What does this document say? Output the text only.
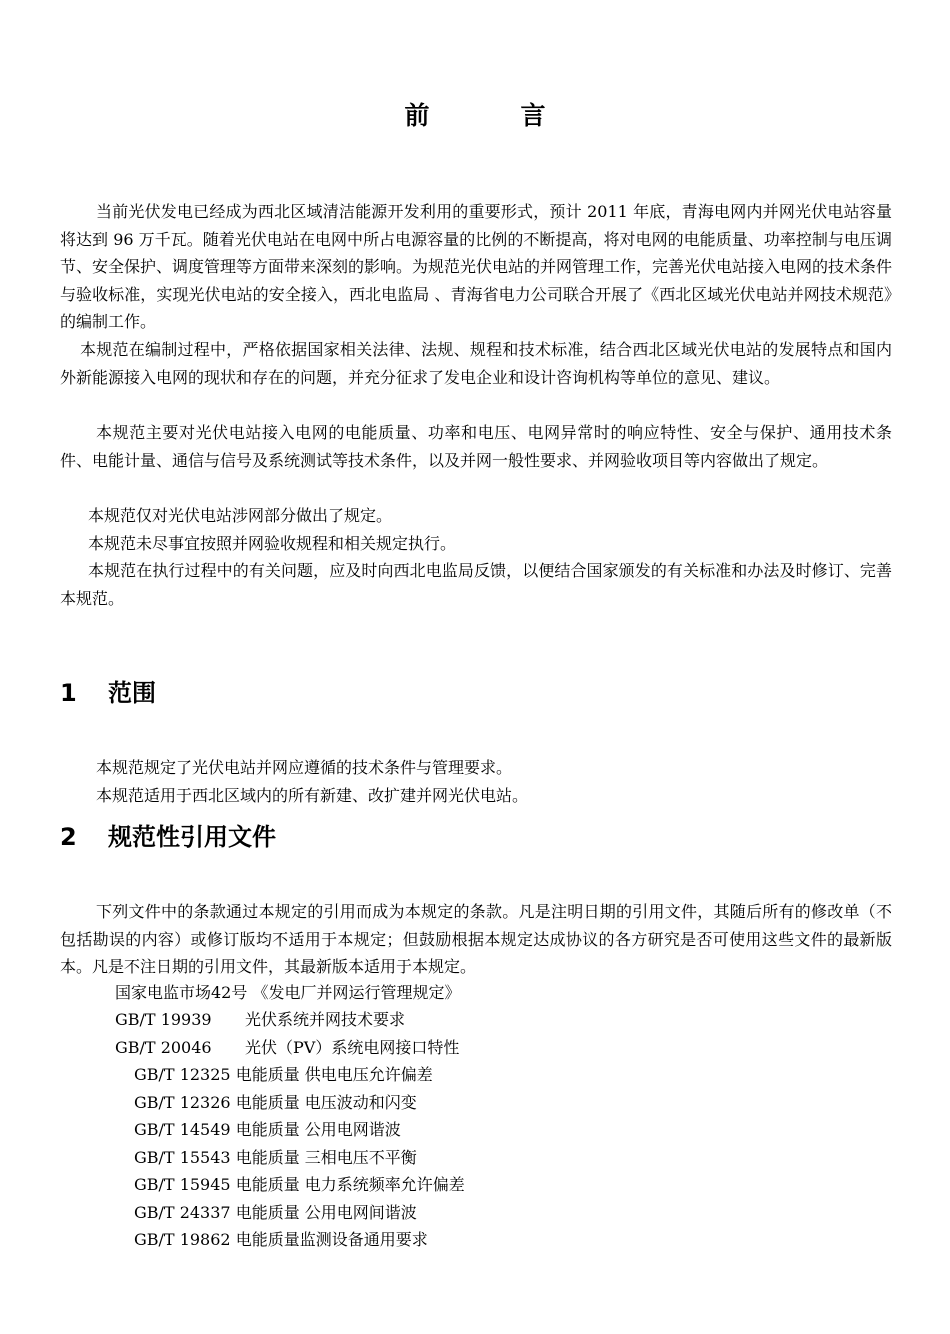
前　言

当前光伏发电已经成为西北区域清洁能源开发利用的重要形式，预计 2011 年底，青海电网内并网光伏电站容量将达到 96 万千瓦。随着光伏电站在电网中所占电源容量的比例的不断提高，将对电网的电能质量、功率控制与电压调节、安全保护、调度管理等方面带来深刻的影响。为规范光伏电站的并网管理工作，完善光伏电站接入电网的技术条件与验收标准，实现光伏电站的安全接入，西北电监局 、青海省电力公司联合开展了《西北区域光伏电站并网技术规范》的编制工作。

本规范在编制过程中，严格依据国家相关法律、法规、规程和技术标准，结合西北区域光伏电站的发展特点和国内外新能源接入电网的现状和存在的问题，并充分征求了发电企业和设计咨询机构等单位的意见、建议。

本规范主要对光伏电站接入电网的电能质量、功率和电压、电网异常时的响应特性、安全与保护、通用技术条件、电能计量、通信与信号及系统测试等技术条件，以及并网一般性要求、并网验收项目等内容做出了规定。

本规范仅对光伏电站涉网部分做出了规定。

本规范未尽事宜按照并网验收规程和相关规定执行。

本规范在执行过程中的有关问题，应及时向西北电监局反馈，以便结合国家颁发的有关标准和办法及时修订、完善本规范。

1 范围

本规范规定了光伏电站并网应遵循的技术条件与管理要求。

本规范适用于西北区域内的所有新建、改扩建并网光伏电站。

2 规范性引用文件

下列文件中的条款通过本规定的引用而成为本规定的条款。凡是注明日期的引用文件，其随后所有的修改单（不包括勘误的内容）或修订版均不适用于本规定；但鼓励根据本规定达成协议的各方研究是否可使用这些文件的最新版本。凡是不注日期的引用文件，其最新版本适用于本规定。

国家电监市场42号 《发电厂并网运行管理规定》
GB/T 19939 光伏系统并网技术要求
GB/T 20046 光伏（PV）系统电网接口特性
GB/T 12325 电能质量 供电电压允许偏差
GB/T 12326 电能质量 电压波动和闪变
GB/T 14549 电能质量 公用电网谐波
GB/T 15543 电能质量 三相电压不平衡
GB/T 15945 电能质量 电力系统频率允许偏差
GB/T 24337 电能质量 公用电网间谐波
GB/T 19862 电能质量监测设备通用要求
